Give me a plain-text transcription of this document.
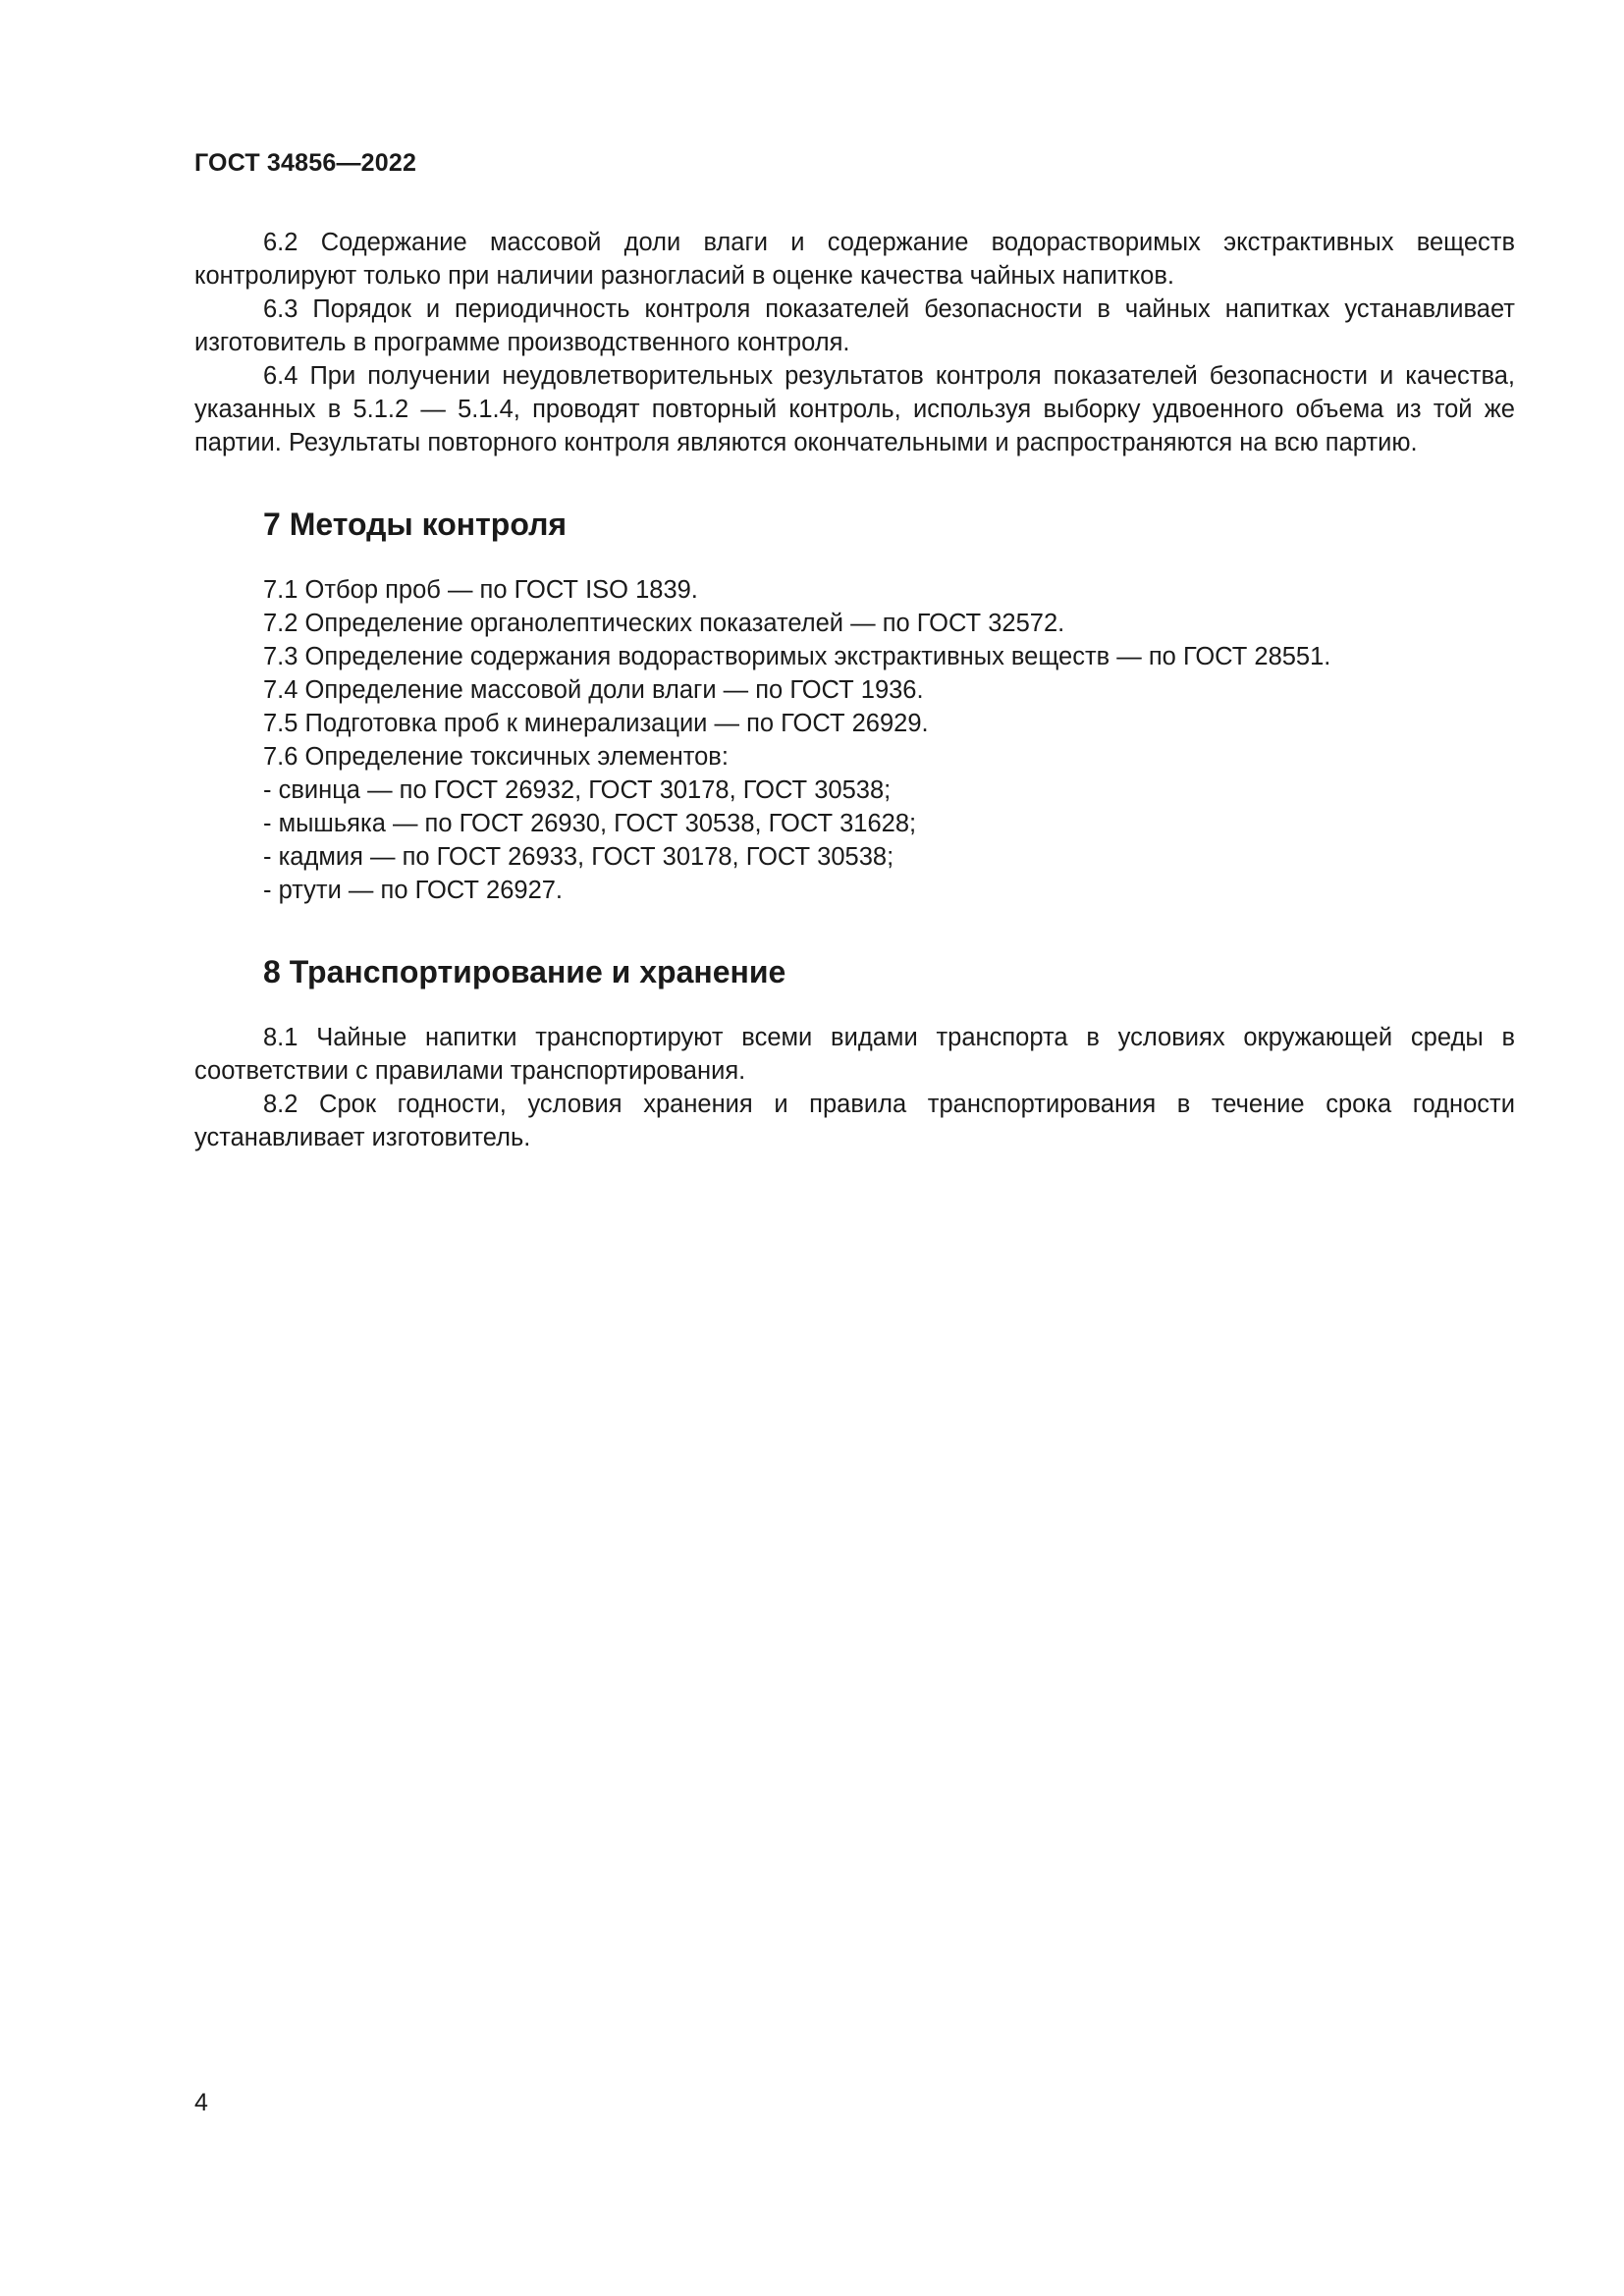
ГОСТ 34856—2022

6.2 Содержание массовой доли влаги и содержание водорастворимых экстрактивных веществ контролируют только при наличии разногласий в оценке качества чайных напитков.

6.3 Порядок и периодичность контроля показателей безопасности в чайных напитках устанавливает изготовитель в программе производственного контроля.

6.4 При получении неудовлетворительных результатов контроля показателей безопасности и качества, указанных в 5.1.2 — 5.1.4, проводят повторный контроль, используя выборку удвоенного объема из той же партии. Результаты повторного контроля являются окончательными и распространяются на всю партию.

7 Методы контроля

7.1 Отбор проб — по ГОСТ ISO 1839.

7.2 Определение органолептических показателей — по ГОСТ 32572.

7.3 Определение содержания водорастворимых экстрактивных веществ — по ГОСТ 28551.

7.4 Определение массовой доли влаги — по ГОСТ 1936.

7.5 Подготовка проб к минерализации — по ГОСТ 26929.

7.6 Определение токсичных элементов:

- свинца — по ГОСТ 26932, ГОСТ 30178, ГОСТ 30538;

- мышьяка — по ГОСТ 26930, ГОСТ 30538, ГОСТ 31628;

- кадмия — по ГОСТ 26933, ГОСТ 30178, ГОСТ 30538;

- ртути — по ГОСТ 26927.

8 Транспортирование и хранение

8.1 Чайные напитки транспортируют всеми видами транспорта в условиях окружающей среды в соответствии с правилами транспортирования.

8.2 Срок годности, условия хранения и правила транспортирования в течение срока годности устанавливает изготовитель.

4
